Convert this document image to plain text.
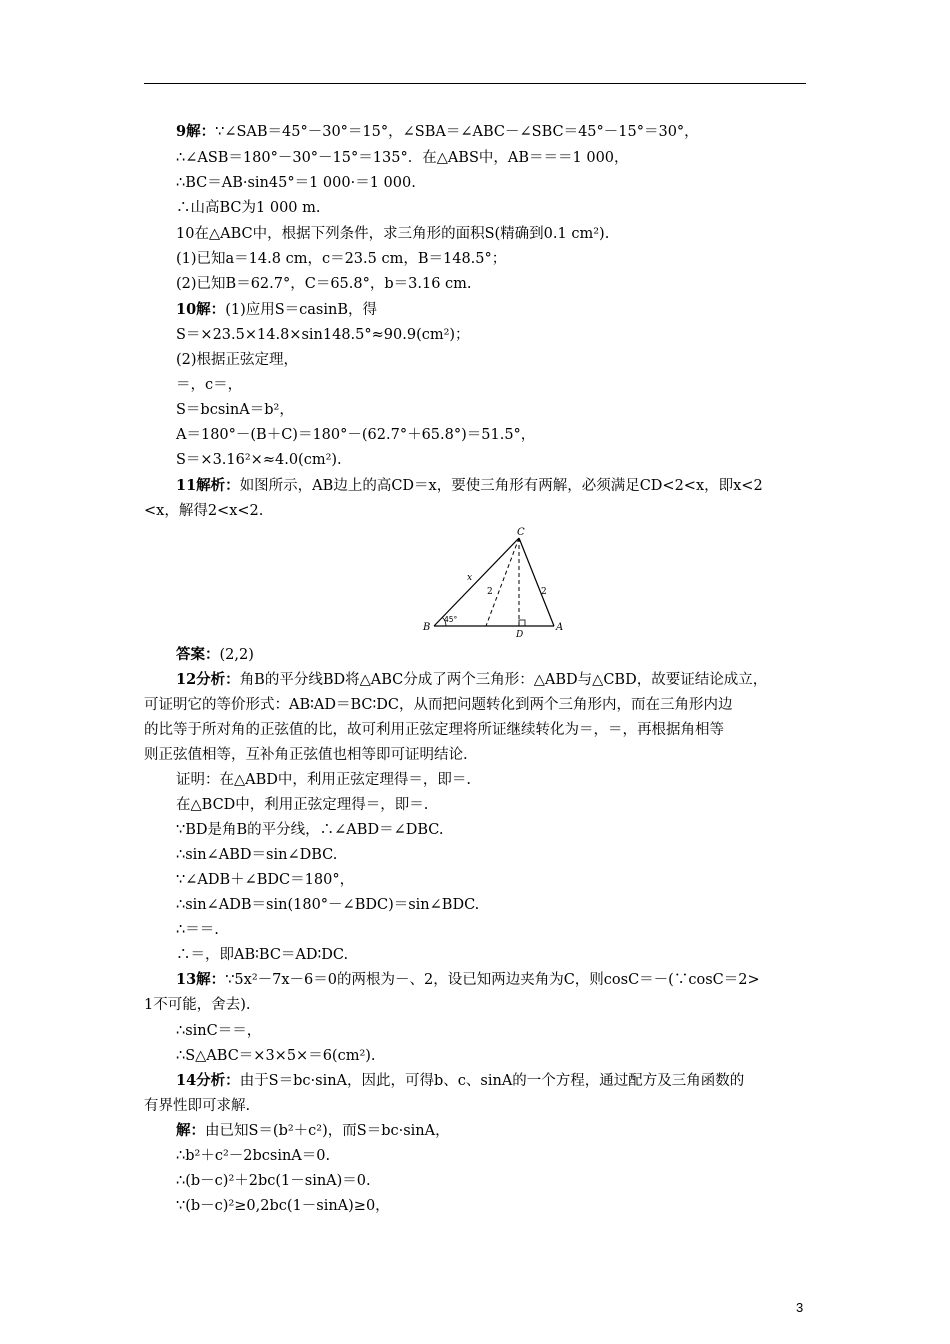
9解：∵∠SAB＝45°－30°＝15°，∠SBA＝∠ABC－∠SBC＝45°－15°＝30°，
∴∠ASB＝180°－30°－15°＝135°．在△ABS中，AB＝＝＝1 000，
∴BC＝AB·sin45°＝1 000·＝1 000.
∴山高BC为1 000 m.
10在△ABC中，根据下列条件，求三角形的面积S(精确到0.1 cm²).
(1)已知a＝14.8 cm，c＝23.5 cm，B＝148.5°；
(2)已知B＝62.7°，C＝65.8°，b＝3.16 cm.
10解：(1)应用S＝casinB，得
S＝×23.5×14.8×sin148.5°≈90.9(cm²)；
(2)根据正弦定理，
＝，c＝，
S＝bcsinA＝b²，
A＝180°－(B＋C)＝180°－(62.7°＋65.8°)＝51.5°，
S＝×3.16²×≈4.0(cm²).
11解析：如图所示，AB边上的高CD＝x，要使三角形有两解，必须满足CD<2<x，即x<2
<x，解得2<x<2.
C
B	A
D
x
2	2
45°
答案：(2,2)
12分析：角B的平分线BD将△ABC分成了两个三角形：△ABD与△CBD，故要证结论成立，
可证明它的等价形式：AB∶AD＝BC∶DC，从而把问题转化到两个三角形内，而在三角形内边
的比等于所对角的正弦值的比，故可利用正弦定理将所证继续转化为＝，＝，再根据角相等
则正弦值相等，互补角正弦值也相等即可证明结论.
证明：在△ABD中，利用正弦定理得＝，即＝.
在△BCD中，利用正弦定理得＝，即＝.
∵BD是角B的平分线，∴∠ABD＝∠DBC.
∴sin∠ABD＝sin∠DBC.
∵∠ADB＋∠BDC＝180°，
∴sin∠ADB＝sin(180°－∠BDC)＝sin∠BDC.
∴＝＝.
∴＝，即AB∶BC＝AD∶DC.
13解：∵5x²－7x－6＝0的两根为－、2，设已知两边夹角为C，则cosC＝－(∵cosC＝2>
1不可能，舍去).
∴sinC＝＝，
∴S△ABC＝×3×5×＝6(cm²).
14分析：由于S＝bc·sinA，因此，可得b、c、sinA的一个方程，通过配方及三角函数的
有界性即可求解.
解：由已知S＝(b²＋c²)，而S＝bc·sinA，
∴b²＋c²－2bcsinA＝0.
∴(b－c)²＋2bc(1－sinA)＝0.
∵(b－c)²≥0,2bc(1－sinA)≥0，
3
